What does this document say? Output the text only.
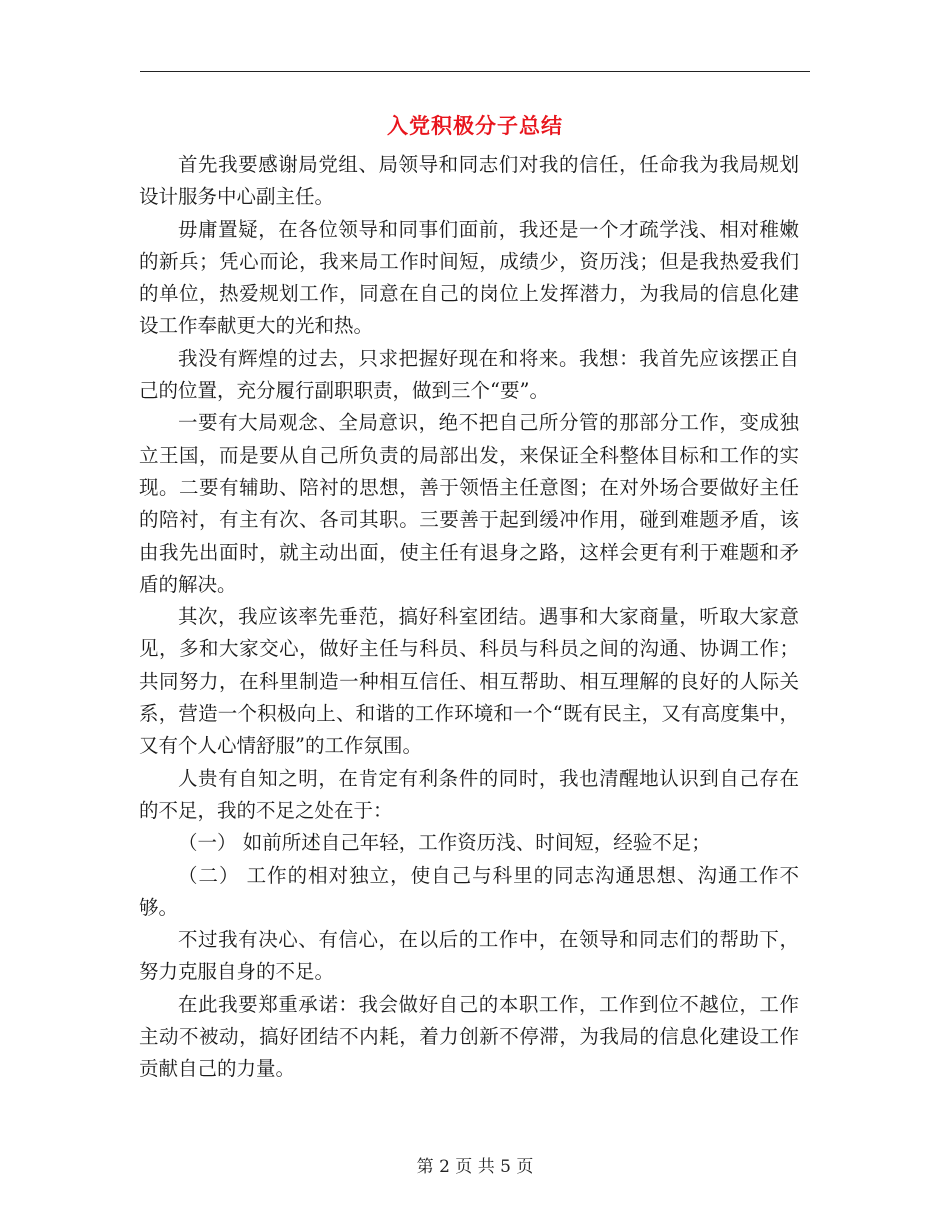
入党积极分子总结

首先我要感谢局党组、局领导和同志们对我的信任，任命我为我局规划设计服务中心副主任。

毋庸置疑，在各位领导和同事们面前，我还是一个才疏学浅、相对稚嫩的新兵；凭心而论，我来局工作时间短，成绩少，资历浅；但是我热爱我们的单位，热爱规划工作，同意在自己的岗位上发挥潜力，为我局的信息化建设工作奉献更大的光和热。

我没有辉煌的过去，只求把握好现在和将来。我想：我首先应该摆正自己的位置，充分履行副职职责，做到三个“要”。

一要有大局观念、全局意识，绝不把自己所分管的那部分工作，变成独立王国，而是要从自己所负责的局部出发，来保证全科整体目标和工作的实现。二要有辅助、陪衬的思想，善于领悟主任意图；在对外场合要做好主任的陪衬，有主有次、各司其职。三要善于起到缓冲作用，碰到难题矛盾，该由我先出面时，就主动出面，使主任有退身之路，这样会更有利于难题和矛盾的解决。

其次，我应该率先垂范，搞好科室团结。遇事和大家商量，听取大家意见，多和大家交心，做好主任与科员、科员与科员之间的沟通、协调工作；共同努力，在科里制造一种相互信任、相互帮助、相互理解的良好的人际关系，营造一个积极向上、和谐的工作环境和一个“既有民主，又有高度集中，又有个人心情舒服”的工作氛围。

人贵有自知之明，在肯定有利条件的同时，我也清醒地认识到自己存在的不足，我的不足之处在于：

（一） 如前所述自己年轻，工作资历浅、时间短，经验不足；

（二） 工作的相对独立，使自己与科里的同志沟通思想、沟通工作不够。

不过我有决心、有信心，在以后的工作中，在领导和同志们的帮助下，努力克服自身的不足。

在此我要郑重承诺：我会做好自己的本职工作，工作到位不越位，工作主动不被动，搞好团结不内耗，着力创新不停滞，为我局的信息化建设工作贡献自己的力量。

第 2 页 共 5 页
